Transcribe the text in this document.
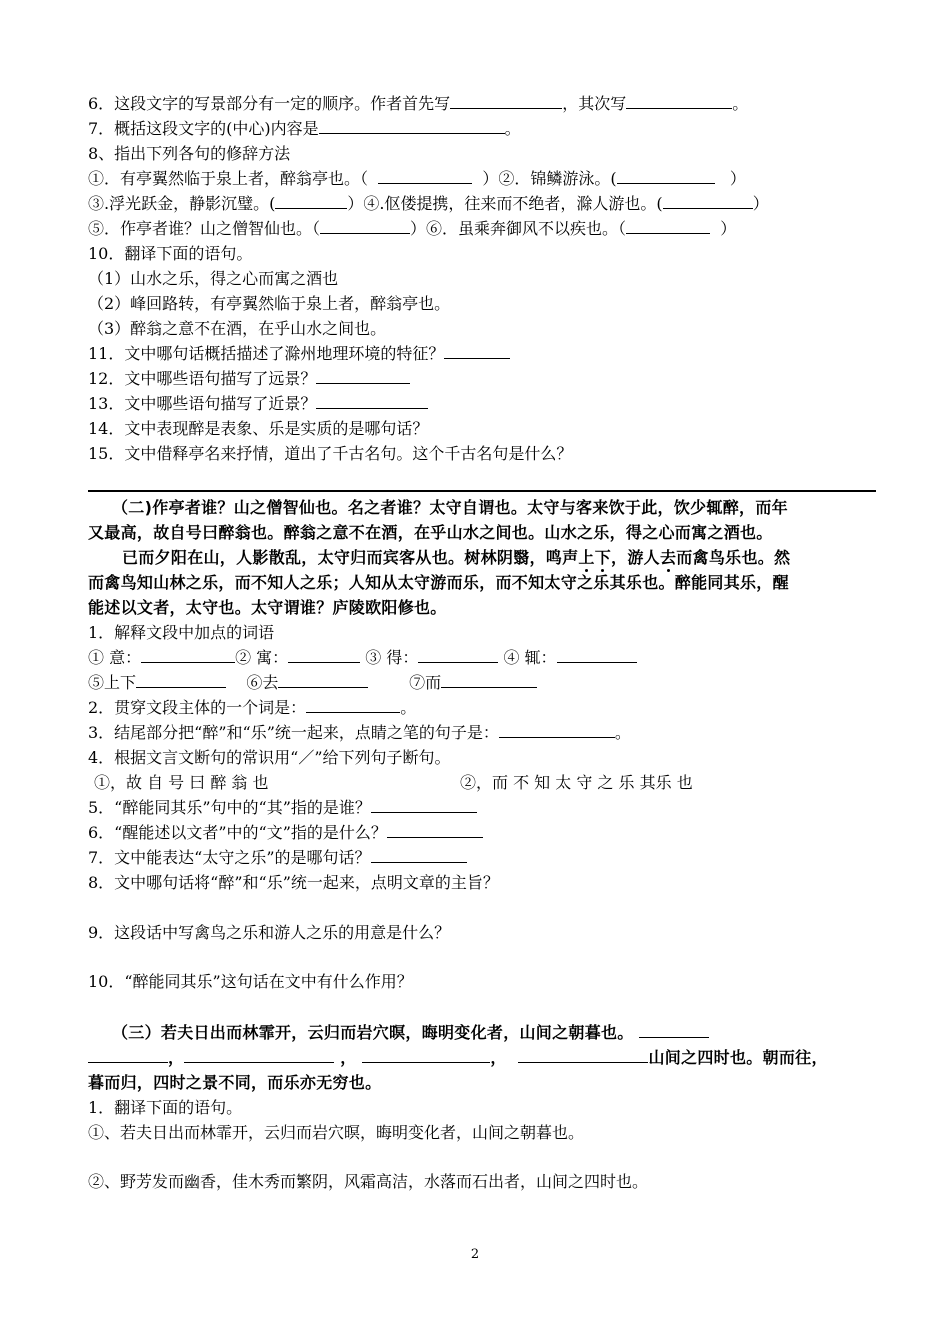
6．这段文字的写景部分有一定的顺序。作者首先写	，其次写	。
7．概括这段文字的(中心)内容是	。
8、指出下列各句的修辞方法
①．有亭翼然临于泉上者，醉翁亭也。（	）②．锦鳞游泳。(	）
③.浮光跃金，静影沉璧。(	）④.伛偻提携，往来而不绝者，滁人游也。(	）
⑤．作亭者谁？山之僧智仙也。（	）⑥．虽乘奔御风不以疾也。（	）
10．翻译下面的语句。
（1）山水之乐，得之心而寓之酒也
（2）峰回路转，有亭翼然临于泉上者，醉翁亭也。
（3）醉翁之意不在酒，在乎山水之间也。
11．文中哪句话概括描述了滁州地理环境的特征？
12．文中哪些语句描写了远景？
13．文中哪些语句描写了近景？
14．文中表现醉是表象、乐是实质的是哪句话？
15．文中借释亭名来抒情，道出了千古名句。这个千古名句是什么？
（二)作亭者谁？山之僧智仙也。名之者谁？太守自谓也。太守与客来饮于此，饮少辄醉，而年
又最高，故自号曰醉翁也。醉翁之意不在酒，在乎山水之间也。山水之乐，得之心而寓之酒也。
已而夕阳在山，人影散乱，太守归而宾客从也。树林阴翳，鸣声上下，游人去而禽鸟乐也。然
而禽鸟知山林之乐，而不知人之乐；人知从太守游而乐，而不知太守之乐其乐也。醉能同其乐，醒
能述以文者，太守也。太守谓谁？庐陵欧阳修也。
1．解释文段中加点的词语
① 意：	② 寓：	③ 得：	④ 辄：
⑤上下	⑥去	⑦而
2．贯穿文段主体的一个词是：	。
3．结尾部分把“醉”和“乐”统一起来，点睛之笔的句子是：	。
4．根据文言文断句的常识用“／”给下列句子断句。
①，故 自 号 曰 醉 翁 也	②，而 不 知 太 守 之 乐 其乐 也
5．“醉能同其乐”句中的“其”指的是谁？
6．“醒能述以文者”中的“文”指的是什么？
7．文中能表达“太守之乐”的是哪句话？
8．文中哪句话将“醉”和“乐”统一起来，点明文章的主旨？
9．这段话中写禽鸟之乐和游人之乐的用意是什么？
10．“醉能同其乐”这句话在文中有什么作用？
（三）若夫日出而林霏开，云归而岩穴暝，晦明变化者，山间之朝暮也。
，	，	，	山间之四时也。朝而往，
暮而归，四时之景不同，而乐亦无穷也。
1．翻译下面的语句。
①、若夫日出而林霏开，云归而岩穴暝，晦明变化者，山间之朝暮也。
②、野芳发而幽香，佳木秀而繁阴，风霜高洁，水落而石出者，山间之四时也。
2
